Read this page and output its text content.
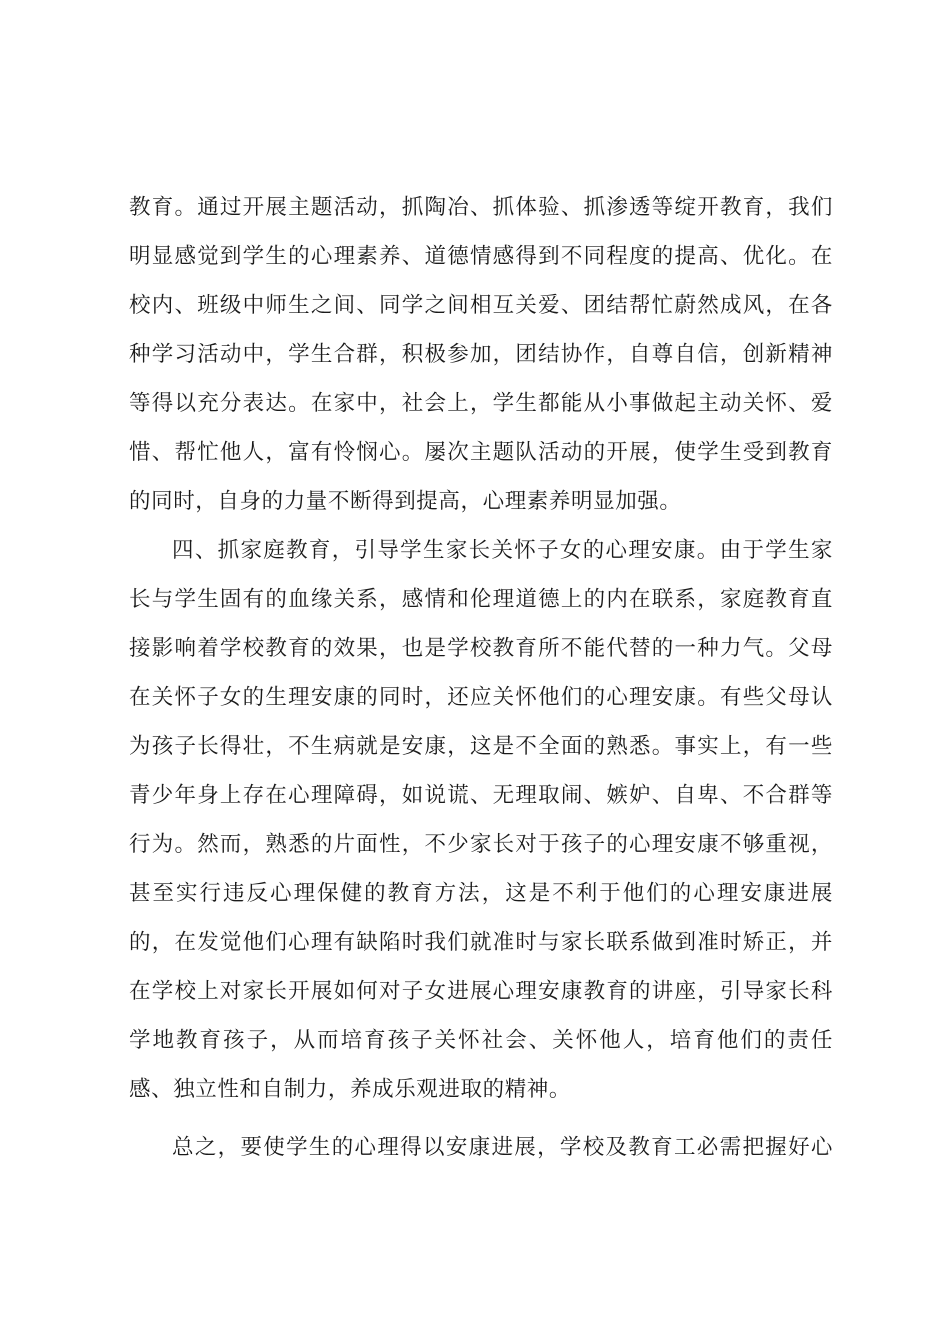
教育。通过开展主题活动，抓陶冶、抓体验、抓渗透等绽开教育，我们
明显感觉到学生的心理素养、道德情感得到不同程度的提高、优化。在
校内、班级中师生之间、同学之间相互关爱、团结帮忙蔚然成风，在各
种学习活动中，学生合群，积极参加，团结协作，自尊自信，创新精神
等得以充分表达。在家中，社会上，学生都能从小事做起主动关怀、爱
惜、帮忙他人，富有怜悯心。屡次主题队活动的开展，使学生受到教育
的同时，自身的力量不断得到提高，心理素养明显加强。
四、抓家庭教育，引导学生家长关怀子女的心理安康。由于学生家
长与学生固有的血缘关系，感情和伦理道德上的内在联系，家庭教育直
接影响着学校教育的效果，也是学校教育所不能代替的一种力气。父母
在关怀子女的生理安康的同时，还应关怀他们的心理安康。有些父母认
为孩子长得壮，不生病就是安康，这是不全面的熟悉。事实上，有一些
青少年身上存在心理障碍，如说谎、无理取闹、嫉妒、自卑、不合群等
行为。然而，熟悉的片面性，不少家长对于孩子的心理安康不够重视，
甚至实行违反心理保健的教育方法，这是不利于他们的心理安康进展
的，在发觉他们心理有缺陷时我们就准时与家长联系做到准时矫正，并
在学校上对家长开展如何对子女进展心理安康教育的讲座，引导家长科
学地教育孩子，从而培育孩子关怀社会、关怀他人，培育他们的责任
感、独立性和自制力，养成乐观进取的精神。
总之，要使学生的心理得以安康进展，学校及教育工必需把握好心
